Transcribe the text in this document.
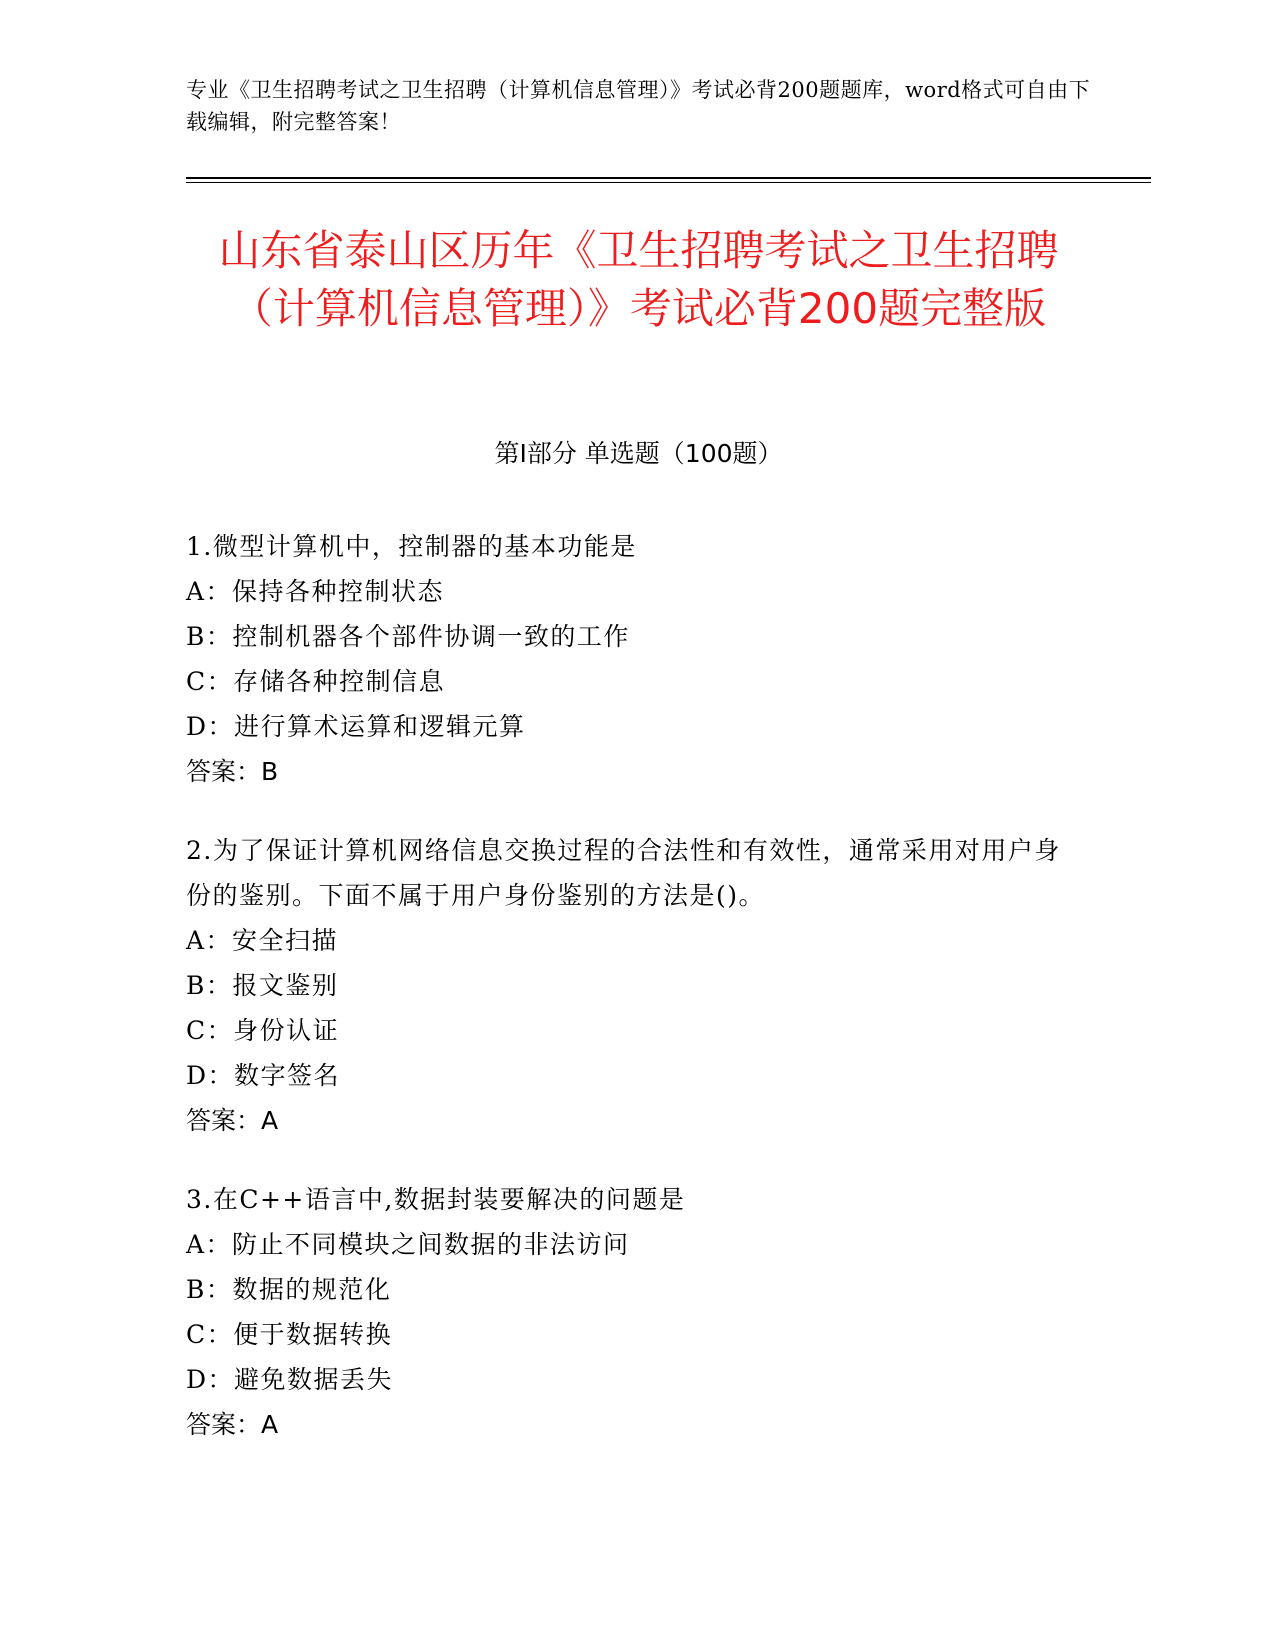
专业《卫生招聘考试之卫生招聘（计算机信息管理）》考试必背200题题库，word格式可自由下载编辑，附完整答案！
山东省泰山区历年《卫生招聘考试之卫生招聘（计算机信息管理）》考试必背200题完整版
第Ⅰ部分 单选题（100题）
1.微型计算机中，控制器的基本功能是
A：保持各种控制状态
B：控制机器各个部件协调一致的工作
C：存储各种控制信息
D：进行算术运算和逻辑元算
答案：B
2.为了保证计算机网络信息交换过程的合法性和有效性，通常采用对用户身份的鉴别。下面不属于用户身份鉴别的方法是()。
A：安全扫描
B：报文鉴别
C：身份认证
D：数字签名
答案：A
3.在C++语言中,数据封装要解决的问题是
A：防止不同模块之间数据的非法访问
B：数据的规范化
C：便于数据转换
D：避免数据丢失
答案：A
